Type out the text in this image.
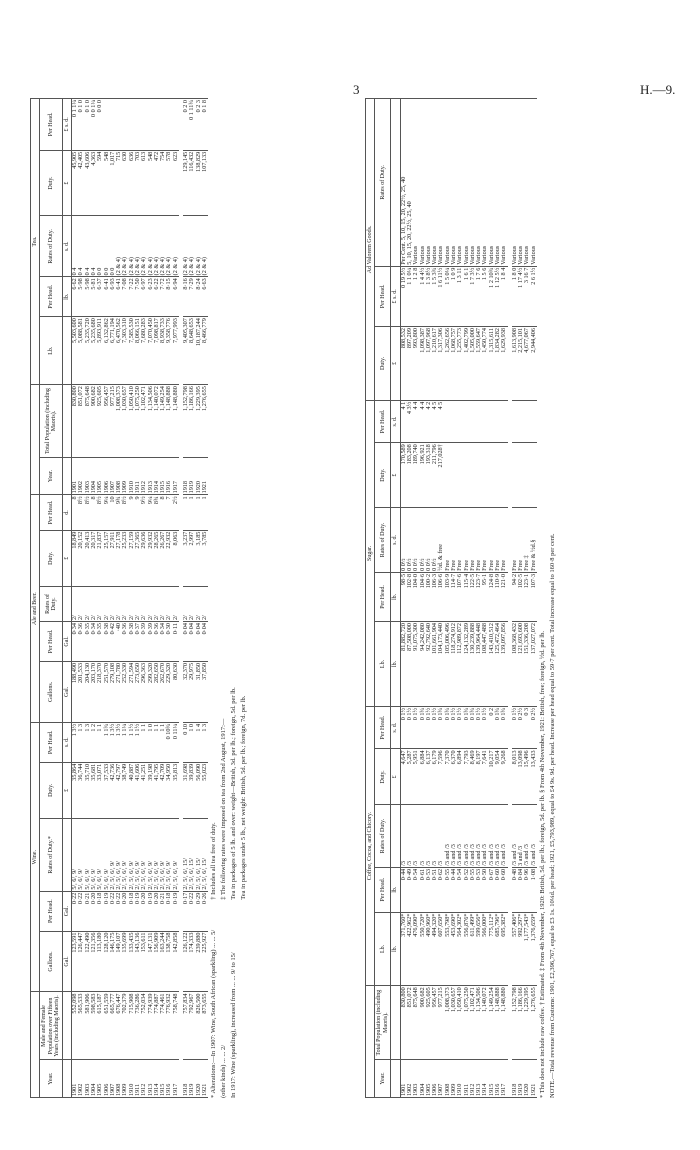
3	H.—9.
		Wine.					Ale and Beer.							Tea.				
Year.	Male and Female Population over Fifteen Years (including Maoris).	Gallons.	Per Head.	Rates of Duty.*	Duty.	Per Head.	Gallons.	Per Head.	Rates of Duty.	Duty.	Per Head.	Year.	Total Population (including Maoris).	Lb.	Per Head.	Rates of Duty.	Duty.	Per Head.
		Gal.	Gal.		£	s. d.	Gal.	Gal.		£	d.				lb.	s. d.	£	£ s. d.
1901	552,098	123,591	0·22	5/, 6/, 9/	35,864	1 3½	188,490	0·34	2/	18,849	8	1901	830,800	5,503,600	6·62	0 4	45,905	0 1 1¼
1902	565,533	126,447	0·22	5/, 6/, 9/	36,744	1 3	201,533	0·36	2/	20,152	8½	1902	851,072	5,088,581	5·98	0 4	42,405	0 1 0
1903	581,906	122,490	0·21	5/, 6/, 9/	35,710	1 3	204,130	0·35	2/	20,413	8½	1903	875,648	5,235,720	5·98	0 4	43,606	0 1 0
1904	598,583	121,356	0·20	5/, 6/, 9/	35,681	1 2	203,170	0·34	2/	20,317	8	1904	900,682	5,235,680	5·81	0 4	4,363	0 0 1¼
1905	615,187	113,180	0·18	5/, 6/, 9/	33,071	1 1	218,370	0·35	2/	21,837	8½	1905	925,605	5,893,911	6·37	0 0	594	0 0 0
1906	651,559	128,120	0·19	5/, 6/, 9/	37,533	1 1¾	251,570	0·38	2/	25,157	9¼	1906	956,457	6,132,862	6·41	0 0	548	
1907	665,777	146,175	0·22	2/, 5/, 6/, 9/	42,736	1 3½	279,108	0·42	2/	27,911	10	1907	977,215	6,771,194	6·93	0 0	1,017	
1908	676,447	149,107	0·22	2/, 5/, 6/, 9/	42,797	1 3½	271,780	·40	2/	27,178	9¾	1908	1,008,373	6,470,562	6·41	(2 & 4)	715	
1909	702,379	135,699	0·20	2/, 5/, 6/, 9/	38,749	1 1¼	252,330	0·36	2/	25,233	8½	1909	1,030,657	7,303,310	7·08	(2 & 4)	630	
1910	715,908	133,435	0·18	2/, 5/, 6/, 9/	40,887	1 1½	271,594	0·38	2/	27,159	9	1910	1,050,410	7,585,530	7·22	(2 & 4)	636	
1911	736,286	143,136	0·19	2/, 5/, 6/, 9/	41,606	1 1½	273,650	0·37	2/	27,365	9	1911	1,075,250	8,066,151	7·50	(2 & 4)	703	
1912	752,034	153,611	0·20	2/, 5/, 6/, 9/	41,251	1 1	296,363	0·39	2/	29,636	9½	1912	1,102,471	7,680,283	6·97	(2 & 4)	613	
1913	774,939	147,131	0·19	2/, 5/, 6/, 9/	39,198	1 0	299,320	0·39	2/	29,932	9¼	1913	1,134,506	7,070,450	6·23	(2 & 4)	548	
1914	774,887	156,909	0·20	2/, 5/, 6/, 9/	41,795	1 1	282,650	0·36	2/	28,265	8¾	1914	1,140,072	7,098,817	6·22	(2 & 4)	472	
1915	774,461	163,244	0·21	2/, 5/, 6/, 9/	42,709	1 1	262,670	0·34	2/	26,267	8	1915	1,149,254	8,938,733	7·72	(2 & 4)	754	
1916	776,932	138,758	0·18	2/, 5/, 6/, 9/	34,950	0 10¾	229,320	0·30	2/	22,932	7	1916	1,148,888	9,358,776	8·15	(2 & 4)	578	
1917	758,748	142,858	0·19	2/, 5/, 6/, 9/	35,813	0 11¼	80,630	0·11	2/	8,063	2½	1917	1,148,880	7,977,993	6·94	(2 & 4)	623	

1918	757,834	126,122	0·17	2/, 5/, 6/, 15/	31,698	0 10	32,370	0·04	2/	3,237	1	1918	1,152,798	9,405,307	8·16	(2 & 4)	129,145	0 2 0
1919	792,967	174,333	0·22	2/, 5/, 6/, 15/	39,839	1 0	29,975	0·04	2/	2,997	1	1919	1,186,166	8,648,653	7·29	(2 & 4)	116,432	0 1 11¾
1920	826,500	239,880	0·29	2/, 5/, 6/, 15/	56,090	1 4	31,850	0·04	2/	3,185	1	1920	1,229,395	10,187,244	8·24	(2 & 4)	138,829	0 2 3
1921	873,655	225,927	0·26	2/, 5/, 6/, 15/	55,023	1 3	37,850	0·04	2/	3,785	1	1921	1,276,655	8,466,779	6·63	(2 & 4)	107,133	0 1 8
* Alterations:—In 1907: Wine, South African (sparkling) ... ... 5/ (other kinds) ... ... 2/ In 1917: Wine (sparkling), increased from ... ... 9/ to 15/
† Includes all tea free of duty. ‡ The following rates were imposed on tea from 2nd August, 1917:— Tea in packages of 5 lb. and over: weight—British, 3d. per lb.; foreign, 5d. per lb. Tea in packages under 5 lb., net weight: British, 5d. per lb.; foreign, 7d. per lb.
		Coffee, Cocoa, and Chicory.					Sugar.					Ad Valorem Goods.		
Year.	Total Population (including Maoris).	Lb.	Per Head.	Rates of Duty.	Duty.	Per Head.	Lb.	Per Head.	Rates of Duty.	Duty.	Per Head.	Duty.	Per Head.	Rates of Duty.
		lb.	lb.		£	s. d.	lb.	lb.	s. d.	£	s. d.	£	£ s. d.	
1901	830,800	371,760*	0·44	/3	4,647	0 1½	81,882,720	98·5	0 0½	170,589	4 1	808,532	0 19 5½	Per Cent. 5, 10, 15, 20, 22½, 25, 40
1902	851,072	422,962*	0·49	/3	5,287	0 1½	87,508,000	102·8	0 0½	183,208	4 3½	897,209	1 1 0¼	5, 10, 15, 20, 22½, 25, 40
1903	875,648	476,090*	0·54	/3	5,951	0 1½	91,075,300	104·0	0 0½	189,740	4 4	993,800	1 2 8	Various
1904	900,682	550,720*	0·61	/3	6,884	0 1¾	94,242,080	104·6	0 0½	196,921	4 4	1,098,387	1 4 4½	Various
1905	925,605	490,960*	0·53	/3	6,137	0 1½	92,792,640	100·2	0 0½	193,318	4 2	1,097,968	1 3 8½	Various
1906	956,457	494,320*	0·51	/3	6,179	0 1½	101,661,904	106·3	0 0½	211,796	4 5	1,210,617	1 5 3¾	Various
1907	977,215	607,650*	0·62	/3	7,596	0 1¾	104,173,440	106·6	½d. & free	217,028†	4 5	1,317,306	1 6 11½	Various
1908	1,008,373	553,798*	0·55	/3 and /3	7,370	0 1¾	105,006,496	103·9	Free			1,262,656	1 5 0¼	Various
1909	1,030,657	453,690*	0·44	/3 and /3	6,370	0 1½	118,274,912	114·7	Free			1,068,757	1 0 9	Various
1910	1,050,410	564,302*	0·54	/3 and /3	6,894	0 1½	112,989,872	107·6	Free			1,255,773	1 3 11	Various
1911	1,075,250	556,876*	0·52	/3 and /3	7,793	0 1¾	124,132,289	115·4	Free			1,402,799	1 6 1	Various
1912	1,102,471	611,499*	0·55	/3 and /3	8,469	0 1¾	130,239,888	122·5	Free			1,505,000	1 7 3½	Various
1913	1,134,506	599,656*	0·53	/3 and /3	8,197	0 1½	139,964,448	123·7	Free			1,559,647	1 7 6	Various
1914	1,140,072	566,000*	0·50	/3 and /3	7,641	0 1½	108,447,488	95·1	Free			1,450,774	1 5 6	Various
1915	1,149,254	775,112*	0·67	/3 and /3	10,217	0 2	143,410,512	124·8	Free			1,315,611	1 2 10¾	Various
1916	1,148,888	685,796*	0·60	/3 and /3	9,054	0 1¾	125,472,464	110·9	Free			1,834,282	1 12 5½	Various
1917	1,148,880	695,382*	0·60	/3 and /3	9,268	0 1¾	139,097,856	121·0	Free			1,629,938	1 8 4	Various

1918	1,152,798	557,406*	0·48	/3 and /3	8,013	0 1½	108,368,432	94·2	Free			1,613,908	1 8 0	Various
1919	1,186,166	992,297*	0·84	3 and /3	13,098	0 2½	121,693,600	102·5	Free			2,215,101	1 17 4½	Various
1920	1,229,395	1,177,543*	0·96	/3 and /3	15,496	0 3	151,336,208	123·1	Free ‡			4,677,067	3 16 7	Various
1921	1,276,655	1,376,659*	1·08	/3 and /3	13,433	0 2½	137,027,072	107·3	Free & ½d.§			2,944,406	2 6 1½	Various
* This does not include raw coffee. † Estimated. ‡ From 4th November, 1920: British, 5d. per lb.; foreign, 5d. per lb. § From 4th November, 1921: British, free; foreign, ½d. per lb. NOTE.—Total revenue from Customs: 1901, £2,396,767, equal to £3 1s. 10¼d. per head; 1921, £5,793,989, equal to £4 9s. 9d. per head. Increase per head equal to 59·7 per cent. Total increase equal to 160·8 per cent.
